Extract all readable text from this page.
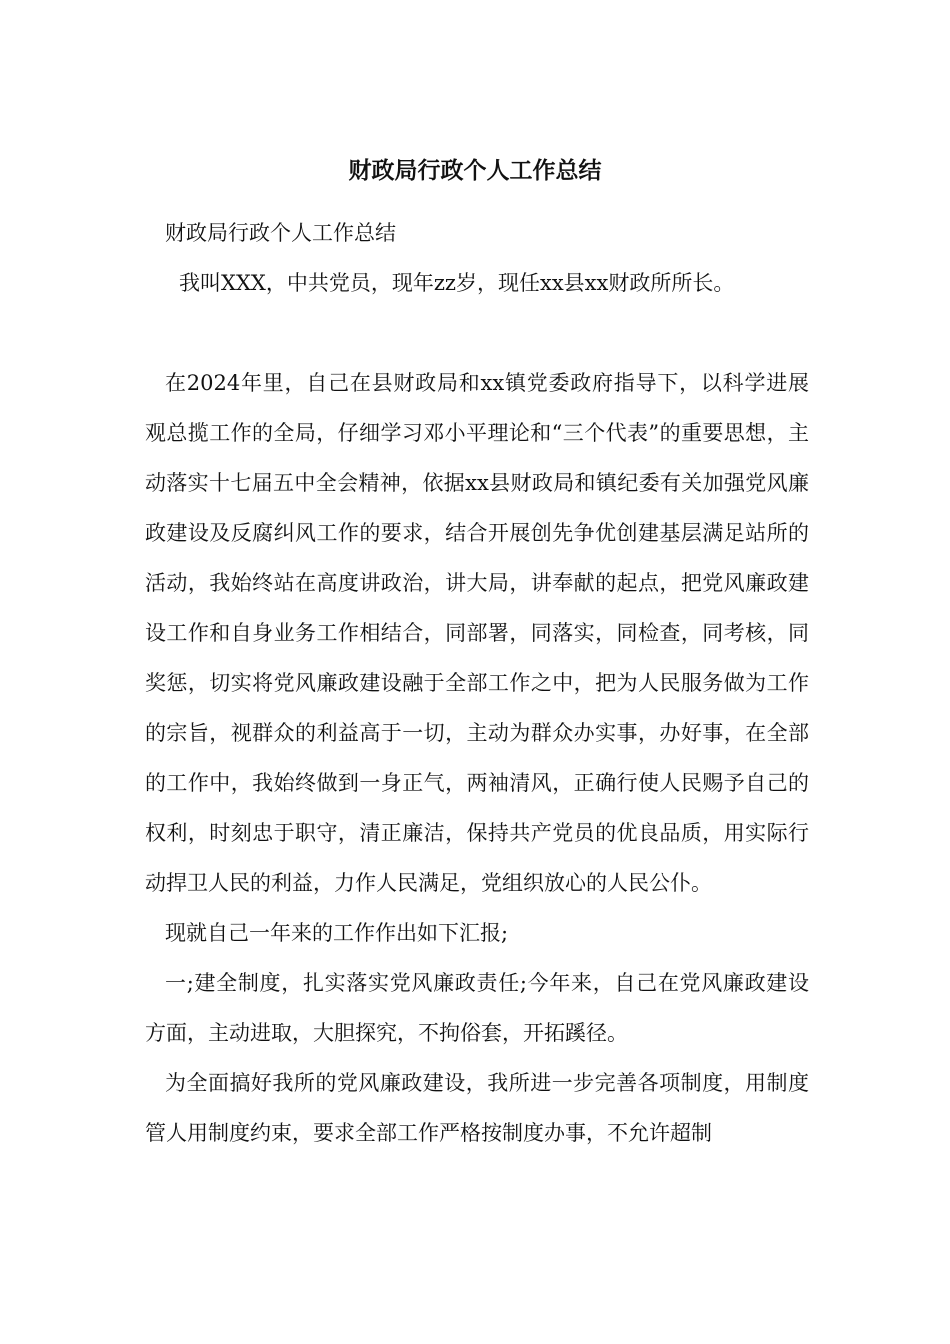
财政局行政个人工作总结

财政局行政个人工作总结

我叫XXX，中共党员，现年zz岁，现任xx县xx财政所所长。

在2024年里，自己在县财政局和xx镇党委政府指导下，以科学进展观总揽工作的全局，仔细学习邓小平理论和“三个代表”的重要思想，主动落实十七届五中全会精神，依据xx县财政局和镇纪委有关加强党风廉政建设及反腐纠风工作的要求，结合开展创先争优创建基层满足站所的活动，我始终站在高度讲政治，讲大局，讲奉献的起点，把党风廉政建设工作和自身业务工作相结合，同部署，同落实，同检查，同考核，同奖惩，切实将党风廉政建设融于全部工作之中，把为人民服务做为工作的宗旨，视群众的利益高于一切，主动为群众办实事，办好事，在全部的工作中，我始终做到一身正气，两袖清风，正确行使人民赐予自己的权利，时刻忠于职守，清正廉洁，保持共产党员的优良品质，用实际行动捍卫人民的利益，力作人民满足，党组织放心的人民公仆。

现就自己一年来的工作作出如下汇报;

一;建全制度，扎实落实党风廉政责任;今年来，自己在党风廉政建设方面，主动进取，大胆探究，不拘俗套，开拓蹊径。

为全面搞好我所的党风廉政建设，我所进一步完善各项制度，用制度管人用制度约束，要求全部工作严格按制度办事，不允许超制
